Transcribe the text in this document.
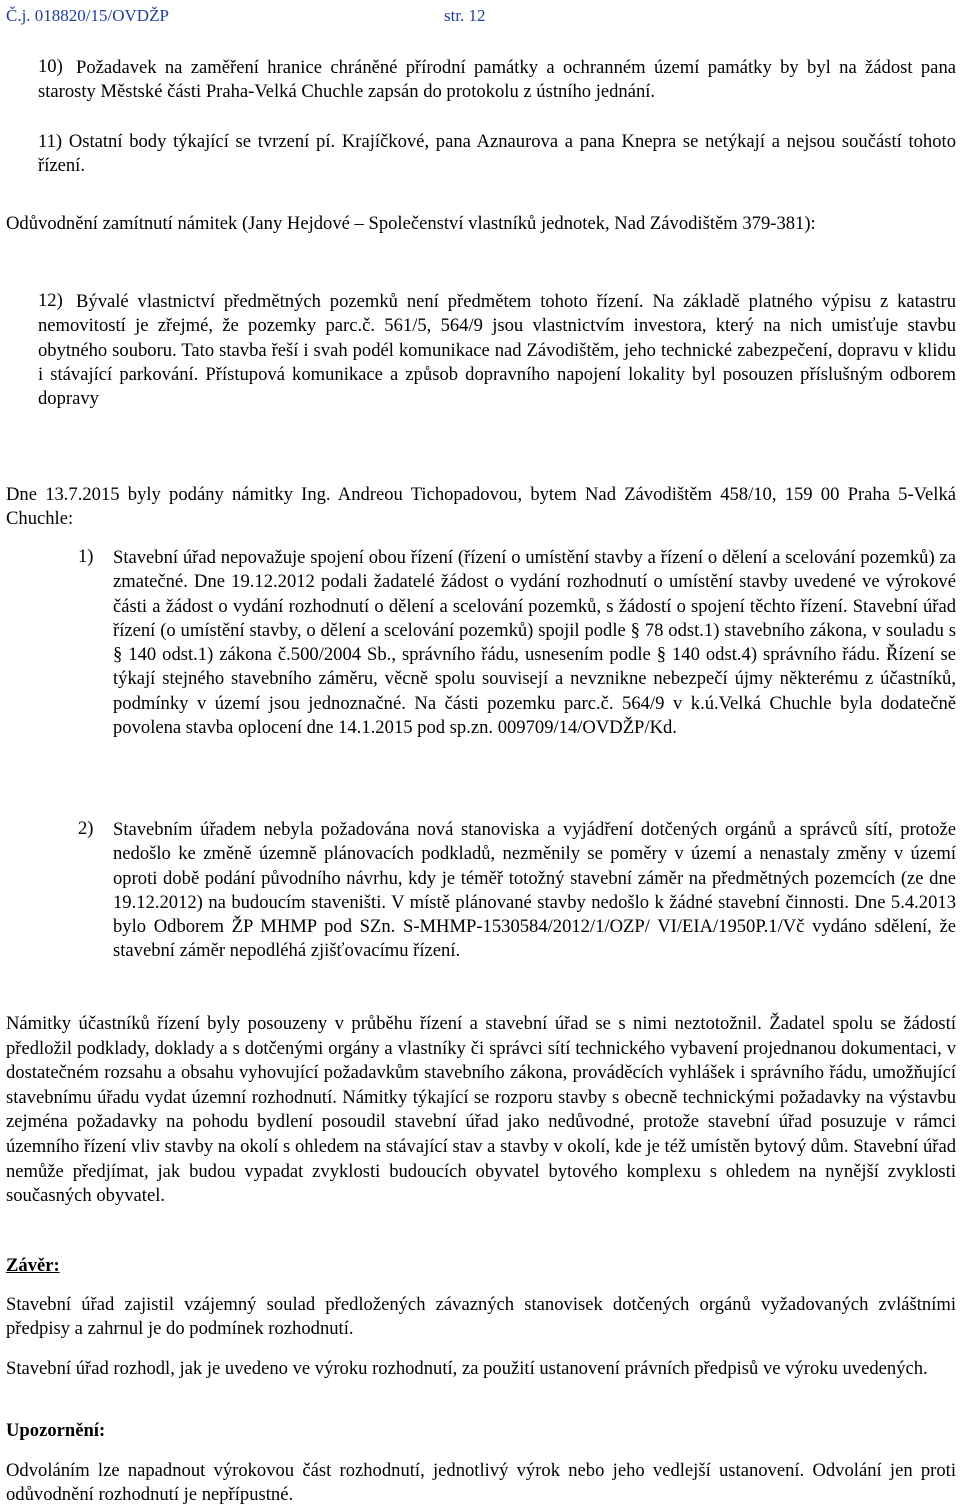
Č.j. 018820/15/OVDŽP	str. 12
10) Požadavek na zaměření hranice chráněné přírodní památky a ochranném území památky by byl na žádost pana starosty Městské části Praha-Velká Chuchle zapsán do protokolu z ústního jednání.
11) Ostatní body týkající se tvrzení pí. Krajíčkové, pana Aznaurova a pana Knepra se netýkají a nejsou součástí tohoto řízení.
Odůvodnění zamítnutí námitek (Jany Hejdové – Společenství vlastníků jednotek, Nad Závodištěm 379-381):
12) Bývalé vlastnictví předmětných pozemků není předmětem tohoto řízení. Na základě platného výpisu z katastru nemovitostí je zřejmé, že pozemky parc.č. 561/5, 564/9 jsou vlastnictvím investora, který na nich umisťuje stavbu obytného souboru. Tato stavba řeší i svah podél komunikace nad Závodištěm, jeho technické zabezpečení, dopravu v klidu i stávající parkování. Přístupová komunikace a způsob dopravního napojení lokality byl posouzen příslušným odborem dopravy
Dne 13.7.2015 byly podány námitky Ing. Andreou Tichopadovou, bytem Nad Závodištěm 458/10, 159 00 Praha 5-Velká Chuchle:
1) Stavební úřad nepovažuje spojení obou řízení (řízení o umístění stavby a řízení o dělení a scelování pozemků) za zmatečné. Dne 19.12.2012 podali žadatelé žádost o vydání rozhodnutí o umístění stavby uvedené ve výrokové části a žádost o vydání rozhodnutí o dělení a scelování pozemků, s žádostí o spojení těchto řízení. Stavební úřad řízení (o umístění stavby, o dělení a scelování pozemků) spojil podle § 78 odst.1) stavebního zákona, v souladu s § 140 odst.1) zákona č.500/2004 Sb., správního řádu, usnesením podle § 140 odst.4) správního řádu. Řízení se týkají stejného stavebního záměru, věcně spolu souvisejí a nevznikne nebezpečí újmy některému z účastníků, podmínky v území jsou jednoznačné. Na části pozemku parc.č. 564/9 v k.ú.Velká Chuchle byla dodatečně povolena stavba oplocení dne 14.1.2015 pod sp.zn. 009709/14/OVDŽP/Kd.
2) Stavebním úřadem nebyla požadována nová stanoviska a vyjádření dotčených orgánů a správců sítí, protože nedošlo ke změně územně plánovacích podkladů, nezměnily se poměry v území a nenastaly změny v území oproti době podání původního návrhu, kdy je téměř totožný stavební záměr na předmětných pozemcích (ze dne 19.12.2012) na budoucím staveništi. V místě plánované stavby nedošlo k žádné stavební činnosti. Dne 5.4.2013 bylo Odborem ŽP MHMP pod SZn. S-MHMP-1530584/2012/1/OZP/ VI/EIA/1950P.1/Vč vydáno sdělení, že stavební záměr nepodléhá zjišťovacímu řízení.
Námitky účastníků řízení byly posouzeny v průběhu řízení a stavební úřad se s nimi neztotožnil. Žadatel spolu se žádostí předložil podklady, doklady a s dotčenými orgány a vlastníky či správci sítí technického vybavení projednanou dokumentaci, v dostatečném rozsahu a obsahu vyhovující požadavkům stavebního zákona, prováděcích vyhlášek i správního řádu, umožňující stavebnímu úřadu vydat územní rozhodnutí. Námitky týkající se rozporu stavby s obecně technickými požadavky na výstavbu zejména požadavky na pohodu bydlení posoudil stavební úřad jako nedůvodné, protože stavební úřad posuzuje v rámci územního řízení vliv stavby na okolí s ohledem na stávající stav a stavby v okolí, kde je též umístěn bytový dům. Stavební úřad nemůže předjímat, jak budou vypadat zvyklosti budoucích obyvatel bytového komplexu s ohledem na nynější zvyklosti současných obyvatel.
Závěr:
Stavební úřad zajistil vzájemný soulad předložených závazných stanovisek dotčených orgánů vyžadovaných zvláštními předpisy a zahrnul je do podmínek rozhodnutí.
Stavební úřad rozhodl, jak je uvedeno ve výroku rozhodnutí, za použití ustanovení právních předpisů ve výroku uvedených.
Upozornění:
Odvoláním lze napadnout výrokovou část rozhodnutí, jednotlivý výrok nebo jeho vedlejší ustanovení. Odvolání jen proti odůvodnění rozhodnutí je nepřípustné.
